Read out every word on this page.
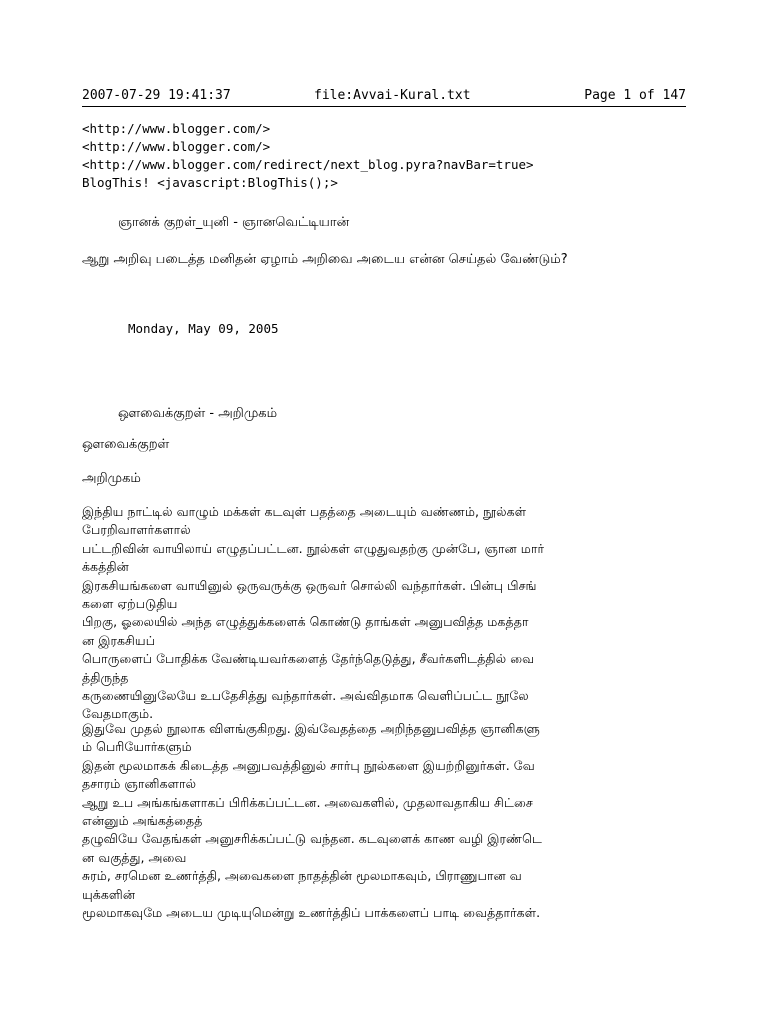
2007-07-29 19:41:37	file:Avvai-Kural.txt	Page 1 of 147
<http://www.blogger.com/>
<http://www.blogger.com/>
<http://www.blogger.com/redirect/next_blog.pyra?navBar=true>
BlogThis! <javascript:BlogThis();>
ஞானக் குறள்_யுனி - ஞானவெட்டியான்
ஆறு அறிவு படைத்த மனிதன் ஏழாம் அறிவை அடைய என்ன செய்தல் வேண்டும்?
Monday, May 09, 2005
ஔவைக்குறள் - அறிமுகம்
ஔவைக்குறள்
அறிமுகம்
இந்திய நாட்டில் வாழும் மக்கள் கடவுள் பதத்தை அடையும் வண்ணம், நூல்கள்
பேரறிவாளர்களால்
பட்டறிவின் வாயிலாய் எழுதப்பட்டன. நூல்கள் எழுதுவதற்கு முன்பே, ஞான மார்
க்கத்தின்
இரகசியங்களை வாயினுல் ஒருவருக்கு ஒருவர் சொல்லி வந்தார்கள். பின்பு பிசங்
களை ஏற்படுதிய
பிறகு, ஓலையில் அந்த எழுத்துக்களைக் கொண்டு தாங்கள் அனுபவித்த மகத்தா
ன இரகசியப்
பொருளைப் போதிக்க வேண்டியவர்களைத் தேர்ந்தெடுத்து, சீவர்களிடத்தில் வை
த்திருந்த
கருணையினுலேயே உபதேசித்து வந்தார்கள். அவ்விதமாக வெளிப்பட்ட நூலே
வேதமாகும்.
இதுவே முதல் நூலாக விளங்குகிறது. இவ்வேதத்தை அறிந்தனுபவித்த ஞானிகளு
ம் பெரியோர்களும்
இதன் மூலமாகக் கிடைத்த அனுபவத்தினுல் சார்பு நூல்களை இயற்றினுர்கள். வே
தசாரம் ஞானிகளால்
ஆறு உப அங்கங்களாகப் பிரிக்கப்பட்டன. அவைகளில், முதலாவதாகிய சிட்சை
என்னும் அங்கத்தைத்
தழுவியே வேதங்கள் அனுசரிக்கப்பட்டு வந்தன. கடவுளைக் காண வழி இரண்டெ
ன வகுத்து, அவை
சுரம், சரமென உணர்த்தி, அவைகளை நாதத்தின் மூலமாகவும், பிராணுபான வ
யுக்களின்
மூலமாகவுமே அடைய முடியுமென்று உணர்த்திப் பாக்களைப் பாடி வைத்தார்கள்.
